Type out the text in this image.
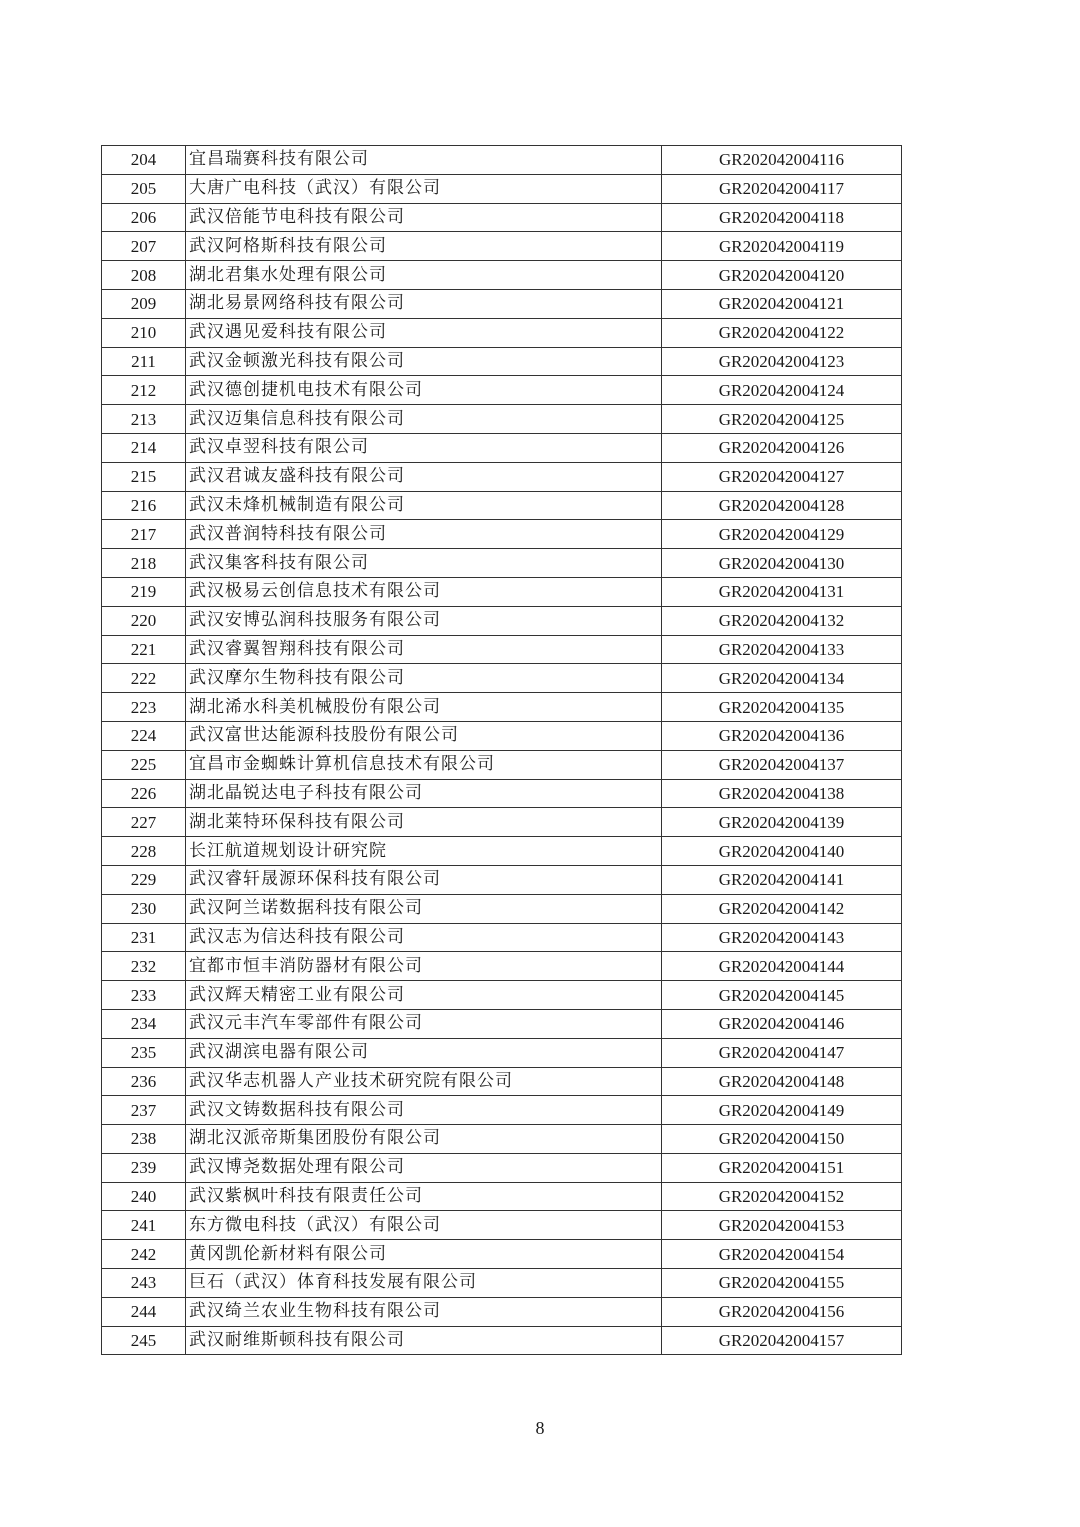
204	宜昌瑞赛科技有限公司	GR202042004116
205	大唐广电科技（武汉）有限公司	GR202042004117
206	武汉倍能节电科技有限公司	GR202042004118
207	武汉阿格斯科技有限公司	GR202042004119
208	湖北君集水处理有限公司	GR202042004120
209	湖北易景网络科技有限公司	GR202042004121
210	武汉遇见爱科技有限公司	GR202042004122
211	武汉金顿激光科技有限公司	GR202042004123
212	武汉德创捷机电技术有限公司	GR202042004124
213	武汉迈集信息科技有限公司	GR202042004125
214	武汉卓翌科技有限公司	GR202042004126
215	武汉君诚友盛科技有限公司	GR202042004127
216	武汉未烽机械制造有限公司	GR202042004128
217	武汉普润特科技有限公司	GR202042004129
218	武汉集客科技有限公司	GR202042004130
219	武汉极易云创信息技术有限公司	GR202042004131
220	武汉安博弘润科技服务有限公司	GR202042004132
221	武汉睿翼智翔科技有限公司	GR202042004133
222	武汉摩尔生物科技有限公司	GR202042004134
223	湖北浠水科美机械股份有限公司	GR202042004135
224	武汉富世达能源科技股份有限公司	GR202042004136
225	宜昌市金蜘蛛计算机信息技术有限公司	GR202042004137
226	湖北晶锐达电子科技有限公司	GR202042004138
227	湖北莱特环保科技有限公司	GR202042004139
228	长江航道规划设计研究院	GR202042004140
229	武汉睿轩晟源环保科技有限公司	GR202042004141
230	武汉阿兰诺数据科技有限公司	GR202042004142
231	武汉志为信达科技有限公司	GR202042004143
232	宜都市恒丰消防器材有限公司	GR202042004144
233	武汉辉天精密工业有限公司	GR202042004145
234	武汉元丰汽车零部件有限公司	GR202042004146
235	武汉湖滨电器有限公司	GR202042004147
236	武汉华志机器人产业技术研究院有限公司	GR202042004148
237	武汉文铸数据科技有限公司	GR202042004149
238	湖北汉派帝斯集团股份有限公司	GR202042004150
239	武汉博尧数据处理有限公司	GR202042004151
240	武汉紫枫叶科技有限责任公司	GR202042004152
241	东方微电科技（武汉）有限公司	GR202042004153
242	黄冈凯伦新材料有限公司	GR202042004154
243	巨石（武汉）体育科技发展有限公司	GR202042004155
244	武汉绮兰农业生物科技有限公司	GR202042004156
245	武汉耐维斯顿科技有限公司	GR202042004157
8
